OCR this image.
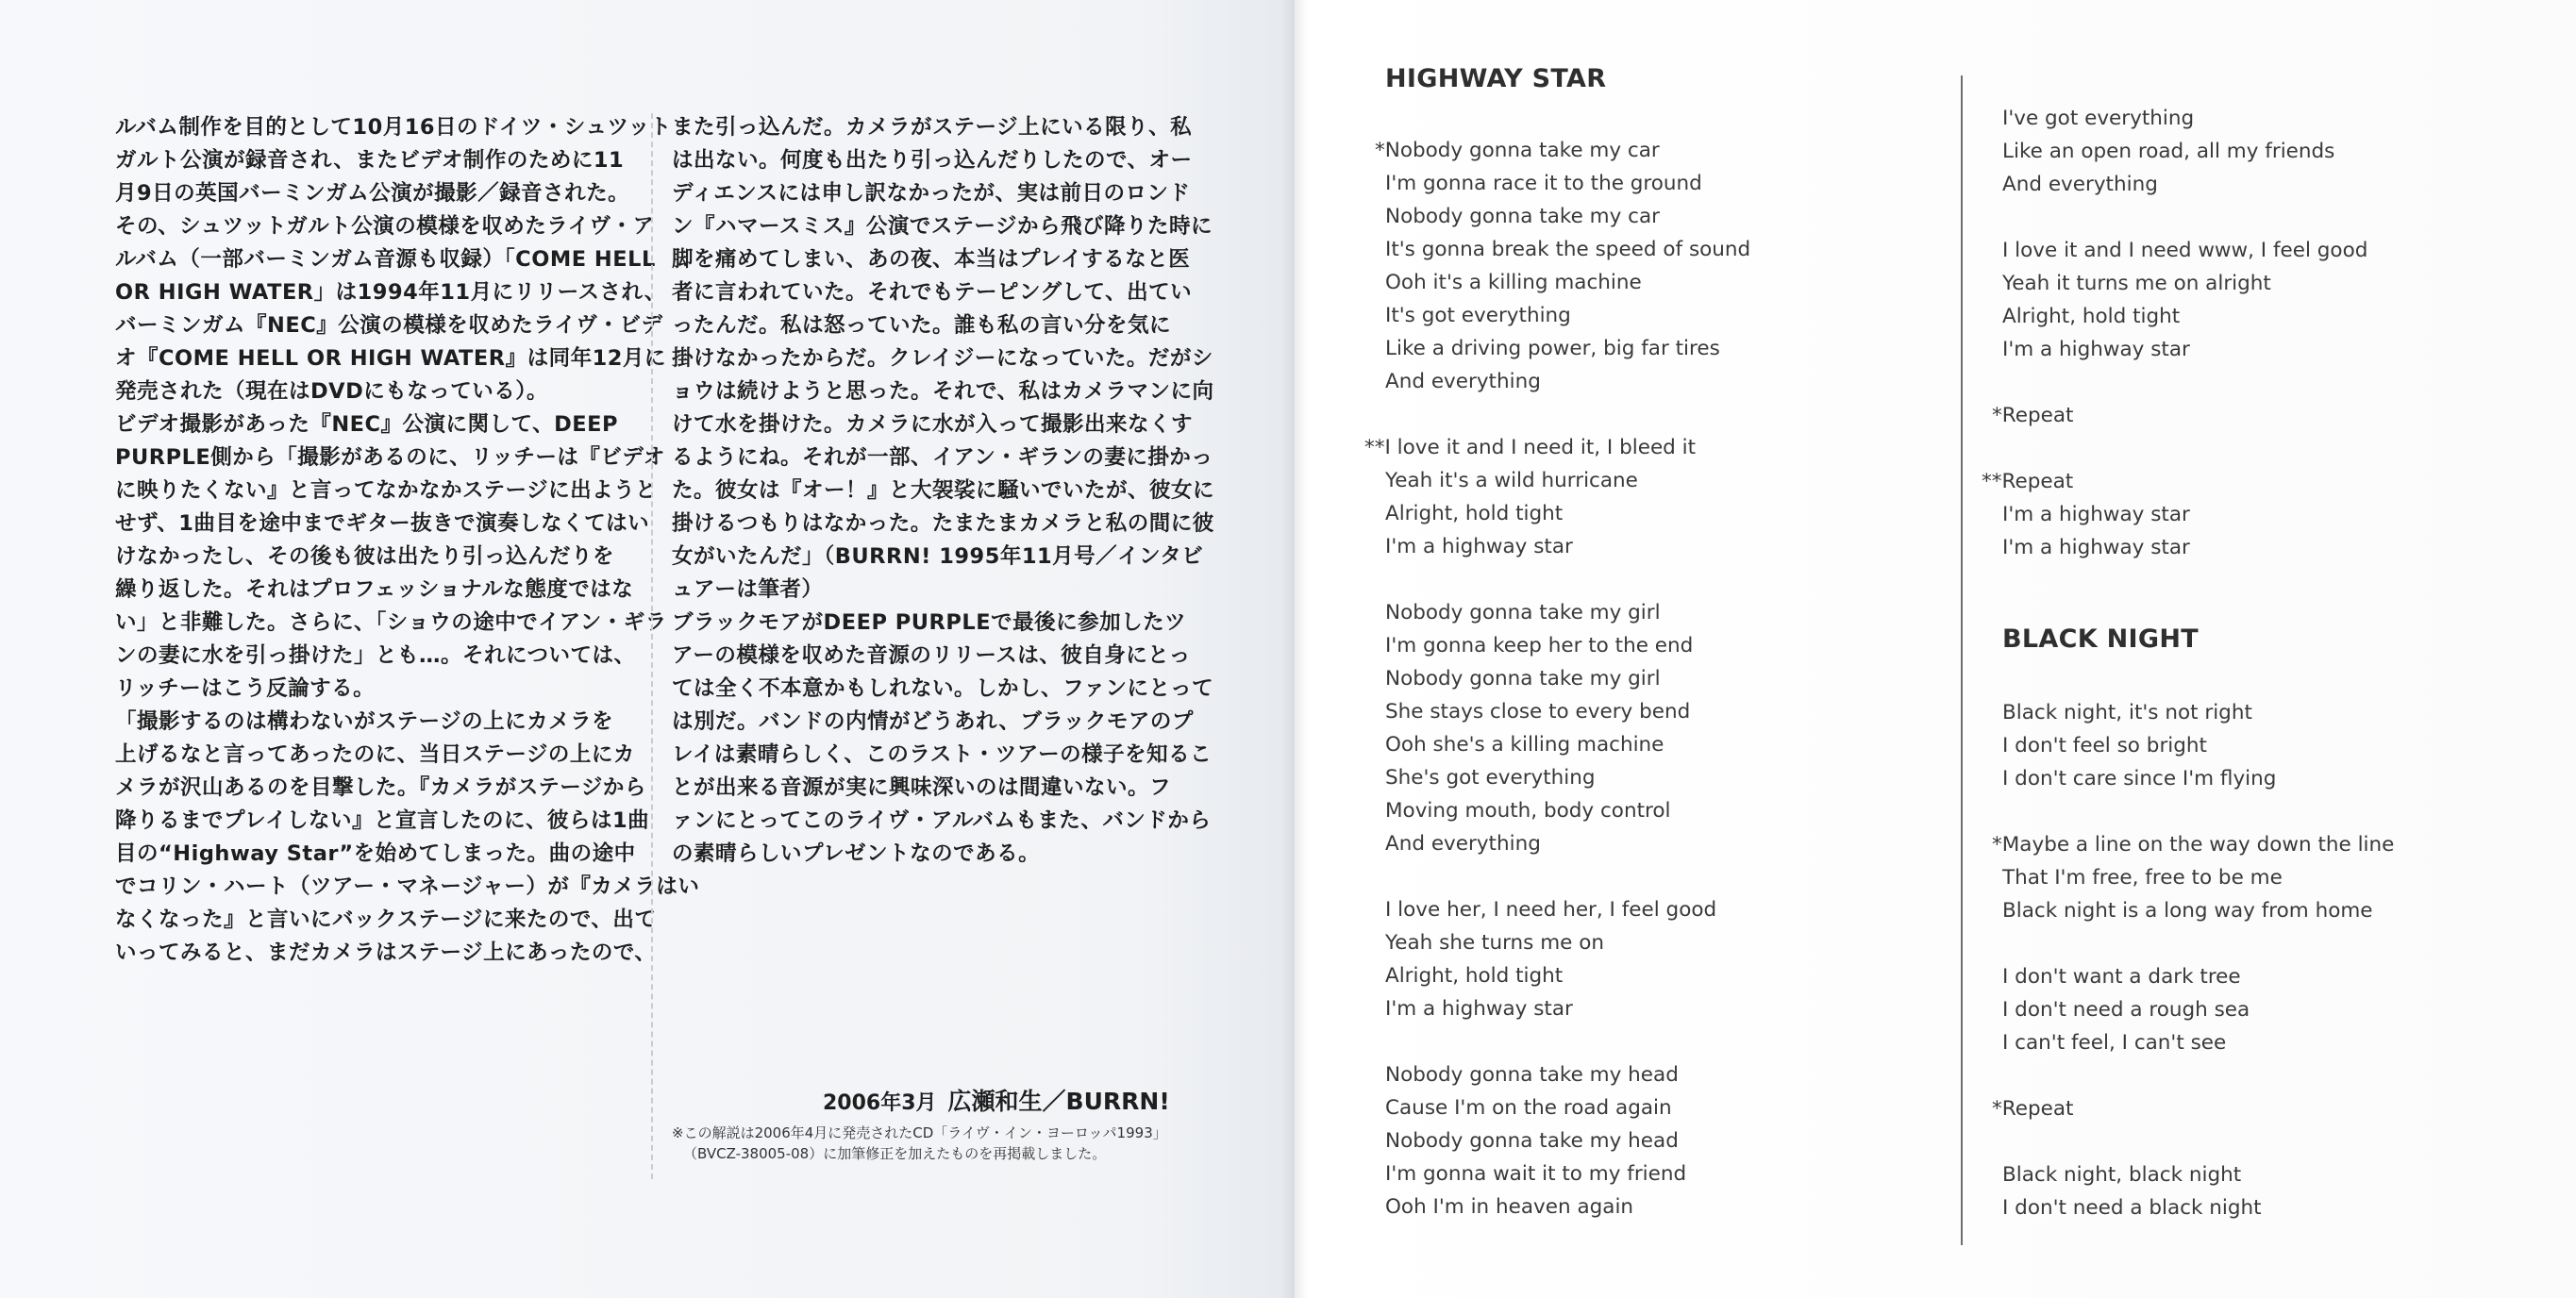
ルバム制作を目的として10月16日のドイツ・シュツット
ガルト公演が録音され、またビデオ制作のために11
月9日の英国バーミンガム公演が撮影／録音された。
その、シュツットガルト公演の模様を収めたライヴ・ア
ルバム（一部バーミンガム音源も収録）「COME HELL
OR HIGH WATER」は1994年11月にリリースされ、
バーミンガム『NEC』公演の模様を収めたライヴ・ビデ
オ『COME HELL OR HIGH WATER』は同年12月に
発売された（現在はDVDにもなっている）。
ビデオ撮影があった『NEC』公演に関して、DEEP
PURPLE側から「撮影があるのに、リッチーは『ビデオ
に映りたくない』と言ってなかなかステージに出ようと
せず、1曲目を途中までギター抜きで演奏しなくてはい
けなかったし、その後も彼は出たり引っ込んだりを
繰り返した。それはプロフェッショナルな態度ではな
い」と非難した。さらに、「ショウの途中でイアン・ギラ
ンの妻に水を引っ掛けた」とも…。それについては、
リッチーはこう反論する。
「撮影するのは構わないがステージの上にカメラを
上げるなと言ってあったのに、当日ステージの上にカ
メラが沢山あるのを目撃した。『カメラがステージから
降りるまでプレイしない』と宣言したのに、彼らは1曲
目の“Highway Star”を始めてしまった。曲の途中
でコリン・ハート（ツアー・マネージャー）が『カメラはい
なくなった』と言いにバックステージに来たので、出て
いってみると、まだカメラはステージ上にあったので、
また引っ込んだ。カメラがステージ上にいる限り、私
は出ない。何度も出たり引っ込んだりしたので、オー
ディエンスには申し訳なかったが、実は前日のロンド
ン『ハマースミス』公演でステージから飛び降りた時に
脚を痛めてしまい、あの夜、本当はプレイするなと医
者に言われていた。それでもテーピングして、出てい
ったんだ。私は怒っていた。誰も私の言い分を気に
掛けなかったからだ。クレイジーになっていた。だがシ
ョウは続けようと思った。それで、私はカメラマンに向
けて水を掛けた。カメラに水が入って撮影出来なくす
るようにね。それが一部、イアン・ギランの妻に掛かっ
た。彼女は『オー！』と大袈裟に騒いでいたが、彼女に
掛けるつもりはなかった。たまたまカメラと私の間に彼
女がいたんだ」（BURRN! 1995年11月号／インタビ
ュアーは筆者）
ブラックモアがDEEP PURPLEで最後に参加したツ
アーの模様を収めた音源のリリースは、彼自身にとっ
ては全く不本意かもしれない。しかし、ファンにとって
は別だ。バンドの内情がどうあれ、ブラックモアのプ
レイは素晴らしく、このラスト・ツアーの様子を知るこ
とが出来る音源が実に興味深いのは間違いない。フ
ァンにとってこのライヴ・アルバムもまた、バンドから
の素晴らしいプレゼントなのである。
2006年3月 広瀬和生／BURRN!
※この解説は2006年4月に発売されたCD「ライヴ・イン・ヨーロッパ1993」
（BVCZ-38005-08）に加筆修正を加えたものを再掲載しました。
HIGHWAY STAR
*Nobody gonna take my car
I'm gonna race it to the ground
Nobody gonna take my car
It's gonna break the speed of sound
Ooh it's a killing machine
It's got everything
Like a driving power, big far tires
And everything
**I love it and I need it, I bleed it
Yeah it's a wild hurricane
Alright, hold tight
I'm a highway star
Nobody gonna take my girl
I'm gonna keep her to the end
Nobody gonna take my girl
She stays close to every bend
Ooh she's a killing machine
She's got everything
Moving mouth, body control
And everything
I love her, I need her, I feel good
Yeah she turns me on
Alright, hold tight
I'm a highway star
Nobody gonna take my head
Cause I'm on the road again
Nobody gonna take my head
I'm gonna wait it to my friend
Ooh I'm in heaven again
I've got everything
Like an open road, all my friends
And everything
I love it and I need www, I feel good
Yeah it turns me on alright
Alright, hold tight
I'm a highway star
*Repeat
**Repeat
I'm a highway star
I'm a highway star
BLACK NIGHT
Black night, it's not right
I don't feel so bright
I don't care since I'm flying
*Maybe a line on the way down the line
That I'm free, free to be me
Black night is a long way from home
I don't want a dark tree
I don't need a rough sea
I can't feel, I can't see
*Repeat
Black night, black night
I don't need a black night
